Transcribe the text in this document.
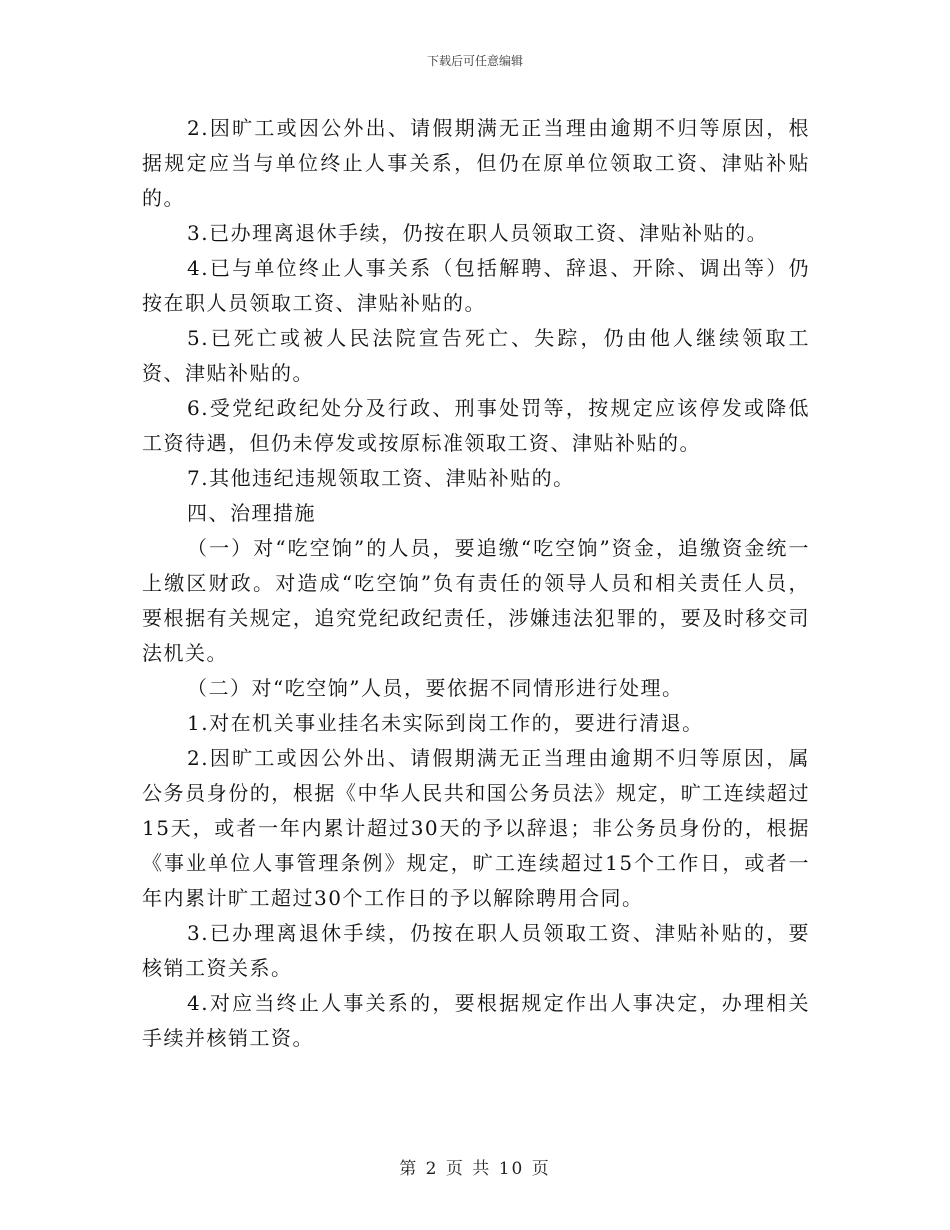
下载后可任意编辑

2.因旷工或因公外出、请假期满无正当理由逾期不归等原因，根据规定应当与单位终止人事关系，但仍在原单位领取工资、津贴补贴的。

3.已办理离退休手续，仍按在职人员领取工资、津贴补贴的。

4.已与单位终止人事关系（包括解聘、辞退、开除、调出等）仍按在职人员领取工资、津贴补贴的。

5.已死亡或被人民法院宣告死亡、失踪，仍由他人继续领取工资、津贴补贴的。

6.受党纪政纪处分及行政、刑事处罚等，按规定应该停发或降低工资待遇，但仍未停发或按原标准领取工资、津贴补贴的。

7.其他违纪违规领取工资、津贴补贴的。

四、治理措施

（一）对“吃空饷”的人员，要追缴“吃空饷”资金，追缴资金统一上缴区财政。对造成“吃空饷”负有责任的领导人员和相关责任人员，要根据有关规定，追究党纪政纪责任，涉嫌违法犯罪的，要及时移交司法机关。

（二）对“吃空饷”人员，要依据不同情形进行处理。

1.对在机关事业挂名未实际到岗工作的，要进行清退。

2.因旷工或因公外出、请假期满无正当理由逾期不归等原因，属公务员身份的，根据《中华人民共和国公务员法》规定，旷工连续超过15天，或者一年内累计超过30天的予以辞退；非公务员身份的，根据《事业单位人事管理条例》规定，旷工连续超过15个工作日，或者一年内累计旷工超过30个工作日的予以解除聘用合同。

3.已办理离退休手续，仍按在职人员领取工资、津贴补贴的，要核销工资关系。

4.对应当终止人事关系的，要根据规定作出人事决定，办理相关手续并核销工资。

第 2 页 共 10 页
